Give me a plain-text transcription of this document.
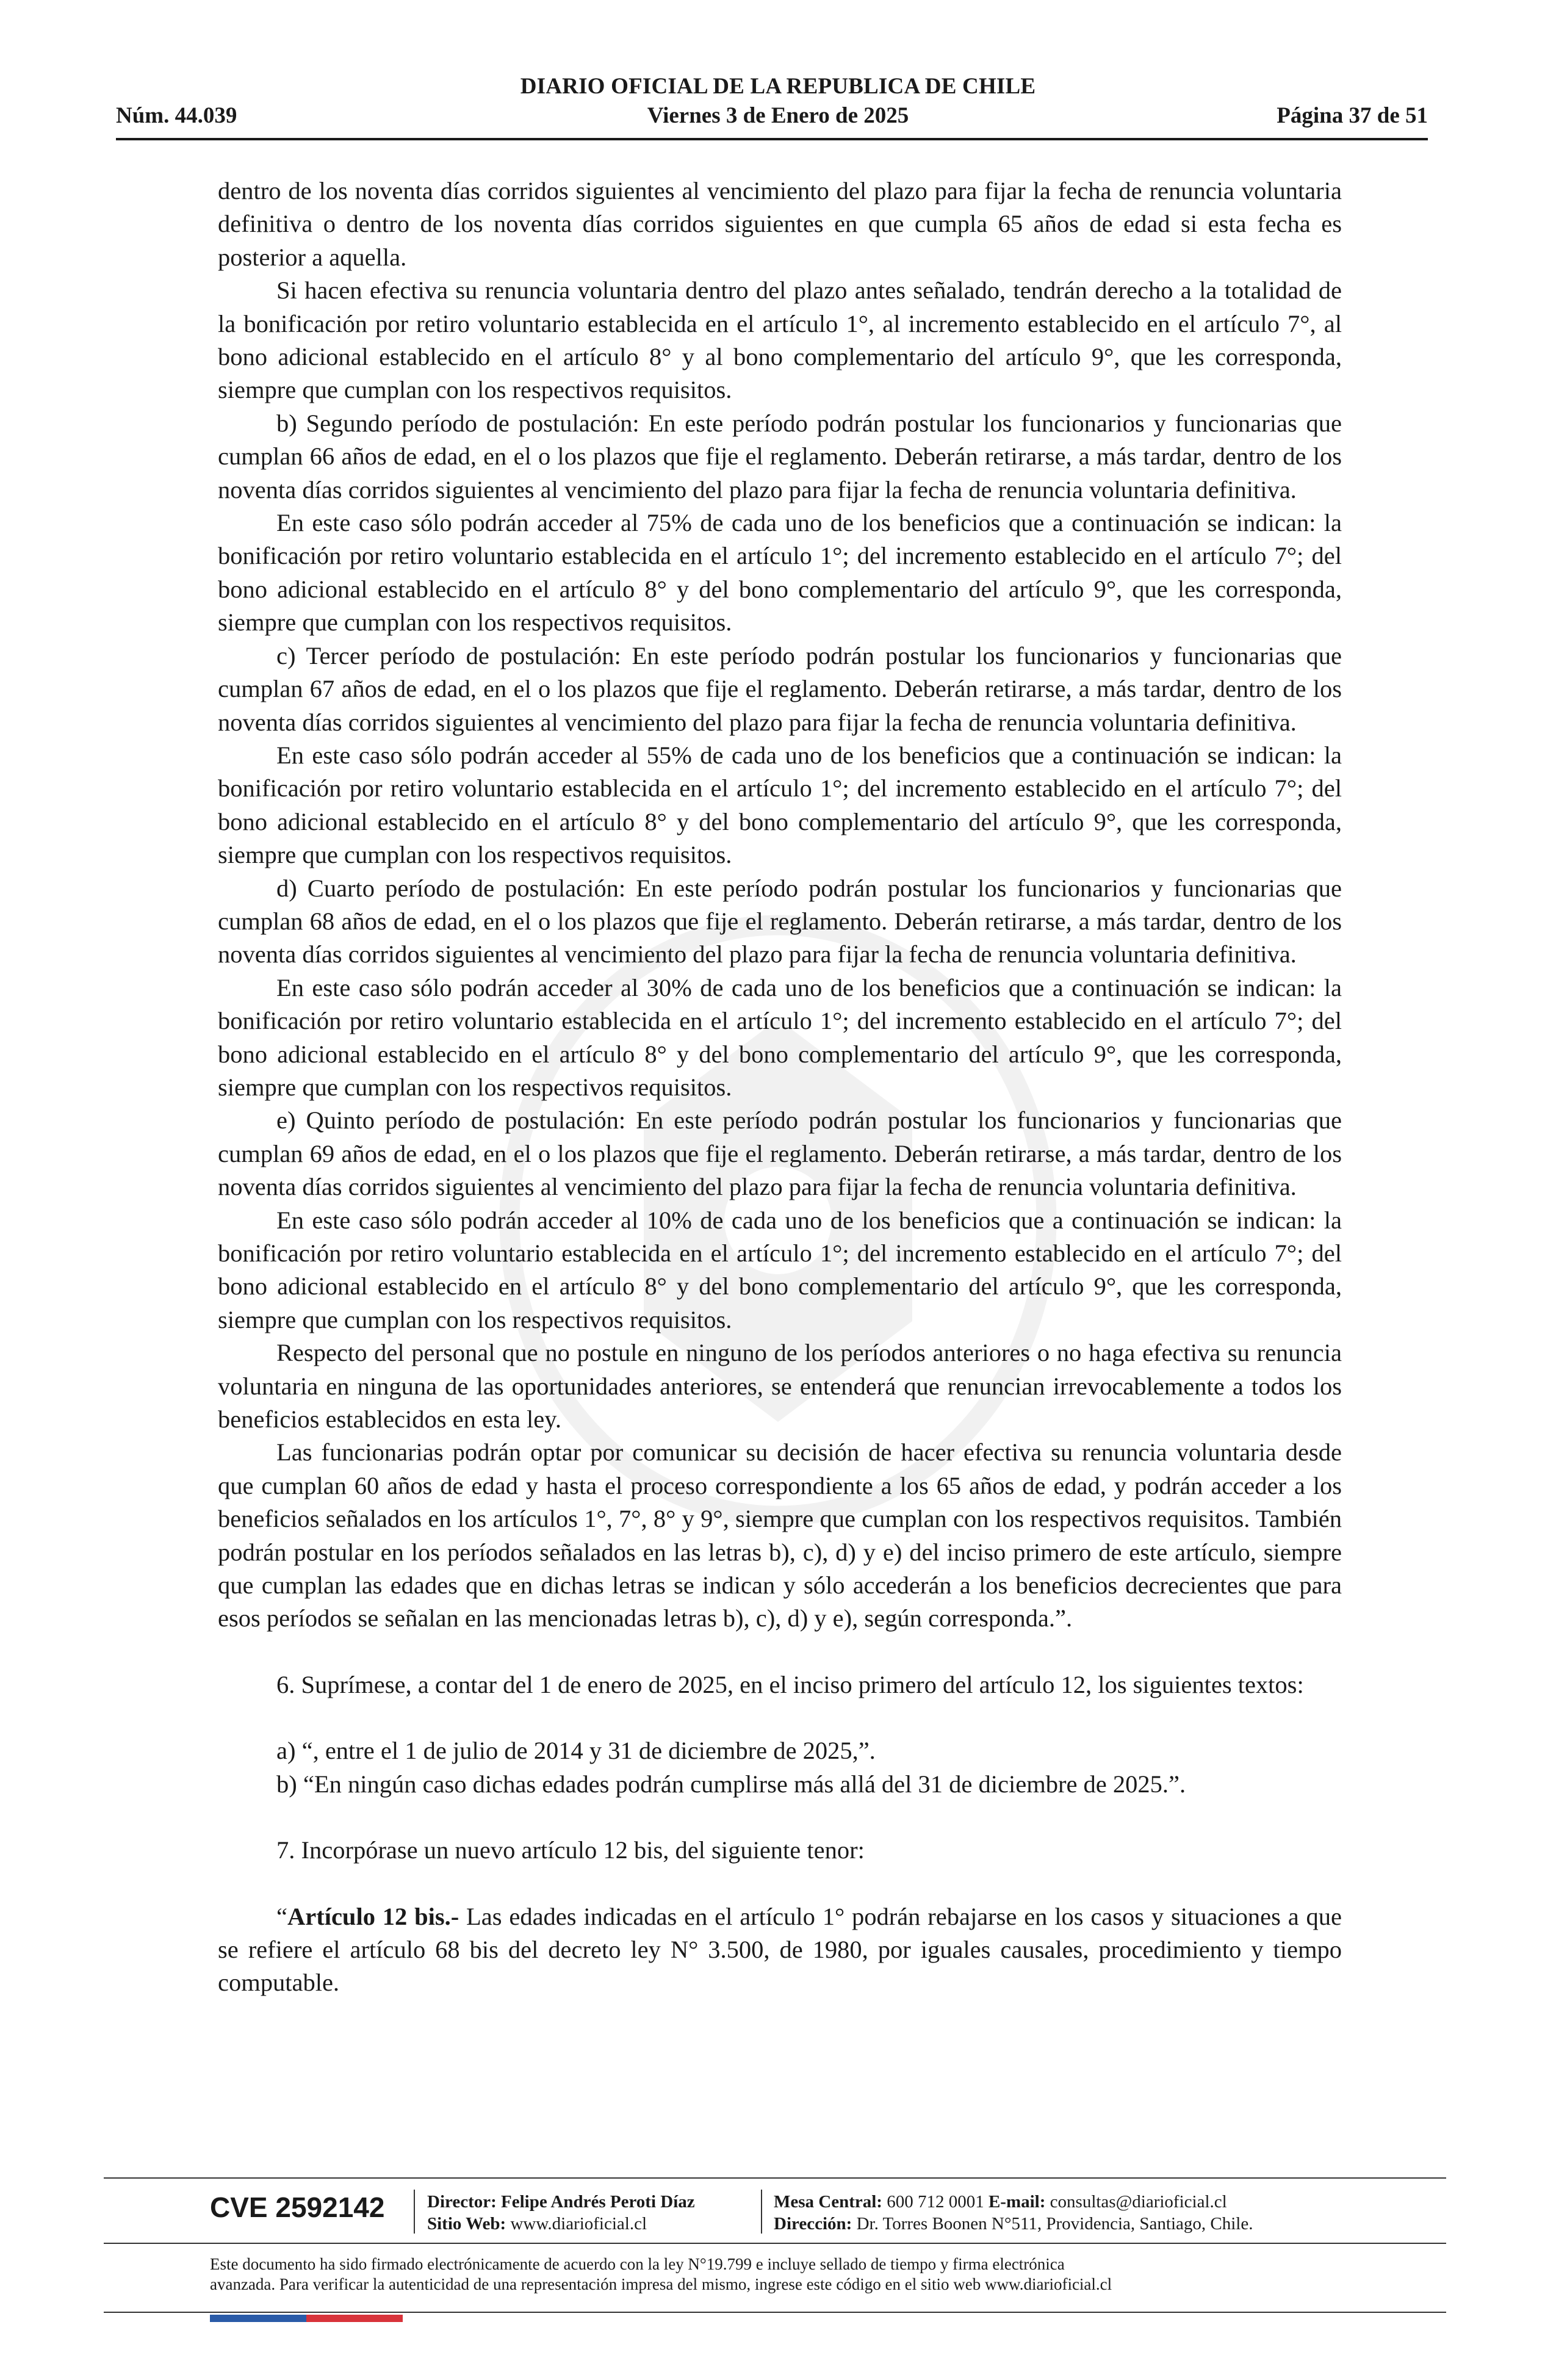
DIARIO OFICIAL DE LA REPUBLICA DE CHILE
Núm. 44.039	Viernes 3 de Enero de 2025	Página 37 de 51

dentro de los noventa días corridos siguientes al vencimiento del plazo para fijar la fecha de renuncia voluntaria definitiva o dentro de los noventa días corridos siguientes en que cumpla 65 años de edad si esta fecha es posterior a aquella.

Si hacen efectiva su renuncia voluntaria dentro del plazo antes señalado, tendrán derecho a la totalidad de la bonificación por retiro voluntario establecida en el artículo 1°, al incremento establecido en el artículo 7°, al bono adicional establecido en el artículo 8° y al bono complementario del artículo 9°, que les corresponda, siempre que cumplan con los respectivos requisitos.

b) Segundo período de postulación: En este período podrán postular los funcionarios y funcionarias que cumplan 66 años de edad, en el o los plazos que fije el reglamento. Deberán retirarse, a más tardar, dentro de los noventa días corridos siguientes al vencimiento del plazo para fijar la fecha de renuncia voluntaria definitiva.

En este caso sólo podrán acceder al 75% de cada uno de los beneficios que a continuación se indican: la bonificación por retiro voluntario establecida en el artículo 1°; del incremento establecido en el artículo 7°; del bono adicional establecido en el artículo 8° y del bono complementario del artículo 9°, que les corresponda, siempre que cumplan con los respectivos requisitos.

c) Tercer período de postulación: En este período podrán postular los funcionarios y funcionarias que cumplan 67 años de edad, en el o los plazos que fije el reglamento. Deberán retirarse, a más tardar, dentro de los noventa días corridos siguientes al vencimiento del plazo para fijar la fecha de renuncia voluntaria definitiva.

En este caso sólo podrán acceder al 55% de cada uno de los beneficios que a continuación se indican: la bonificación por retiro voluntario establecida en el artículo 1°; del incremento establecido en el artículo 7°; del bono adicional establecido en el artículo 8° y del bono complementario del artículo 9°, que les corresponda, siempre que cumplan con los respectivos requisitos.

d) Cuarto período de postulación: En este período podrán postular los funcionarios y funcionarias que cumplan 68 años de edad, en el o los plazos que fije el reglamento. Deberán retirarse, a más tardar, dentro de los noventa días corridos siguientes al vencimiento del plazo para fijar la fecha de renuncia voluntaria definitiva.

En este caso sólo podrán acceder al 30% de cada uno de los beneficios que a continuación se indican: la bonificación por retiro voluntario establecida en el artículo 1°; del incremento establecido en el artículo 7°; del bono adicional establecido en el artículo 8° y del bono complementario del artículo 9°, que les corresponda, siempre que cumplan con los respectivos requisitos.

e) Quinto período de postulación: En este período podrán postular los funcionarios y funcionarias que cumplan 69 años de edad, en el o los plazos que fije el reglamento. Deberán retirarse, a más tardar, dentro de los noventa días corridos siguientes al vencimiento del plazo para fijar la fecha de renuncia voluntaria definitiva.

En este caso sólo podrán acceder al 10% de cada uno de los beneficios que a continuación se indican: la bonificación por retiro voluntario establecida en el artículo 1°; del incremento establecido en el artículo 7°; del bono adicional establecido en el artículo 8° y del bono complementario del artículo 9°, que les corresponda, siempre que cumplan con los respectivos requisitos.

Respecto del personal que no postule en ninguno de los períodos anteriores o no haga efectiva su renuncia voluntaria en ninguna de las oportunidades anteriores, se entenderá que renuncian irrevocablemente a todos los beneficios establecidos en esta ley.

Las funcionarias podrán optar por comunicar su decisión de hacer efectiva su renuncia voluntaria desde que cumplan 60 años de edad y hasta el proceso correspondiente a los 65 años de edad, y podrán acceder a los beneficios señalados en los artículos 1°, 7°, 8° y 9°, siempre que cumplan con los respectivos requisitos. También podrán postular en los períodos señalados en las letras b), c), d) y e) del inciso primero de este artículo, siempre que cumplan las edades que en dichas letras se indican y sólo accederán a los beneficios decrecientes que para esos períodos se señalan en las mencionadas letras b), c), d) y e), según corresponda.”.

6. Suprímese, a contar del 1 de enero de 2025, en el inciso primero del artículo 12, los siguientes textos:

a) “, entre el 1 de julio de 2014 y 31 de diciembre de 2025,”.

b) “En ningún caso dichas edades podrán cumplirse más allá del 31 de diciembre de 2025.”.

7. Incorpórase un nuevo artículo 12 bis, del siguiente tenor:

“Artículo 12 bis.- Las edades indicadas en el artículo 1° podrán rebajarse en los casos y situaciones a que se refiere el artículo 68 bis del decreto ley N° 3.500, de 1980, por iguales causales, procedimiento y tiempo computable.

CVE 2592142 Director: Felipe Andrés Peroti Díaz
Sitio Web: www.diarioficial.cl
Mesa Central: 600 712 0001 E-mail: consultas@diarioficial.cl
Dirección: Dr. Torres Boonen N°511, Providencia, Santiago, Chile.
Este documento ha sido firmado electrónicamente de acuerdo con la ley N°19.799 e incluye sellado de tiempo y firma electrónica
avanzada. Para verificar la autenticidad de una representación impresa del mismo, ingrese este código en el sitio web www.diarioficial.cl
